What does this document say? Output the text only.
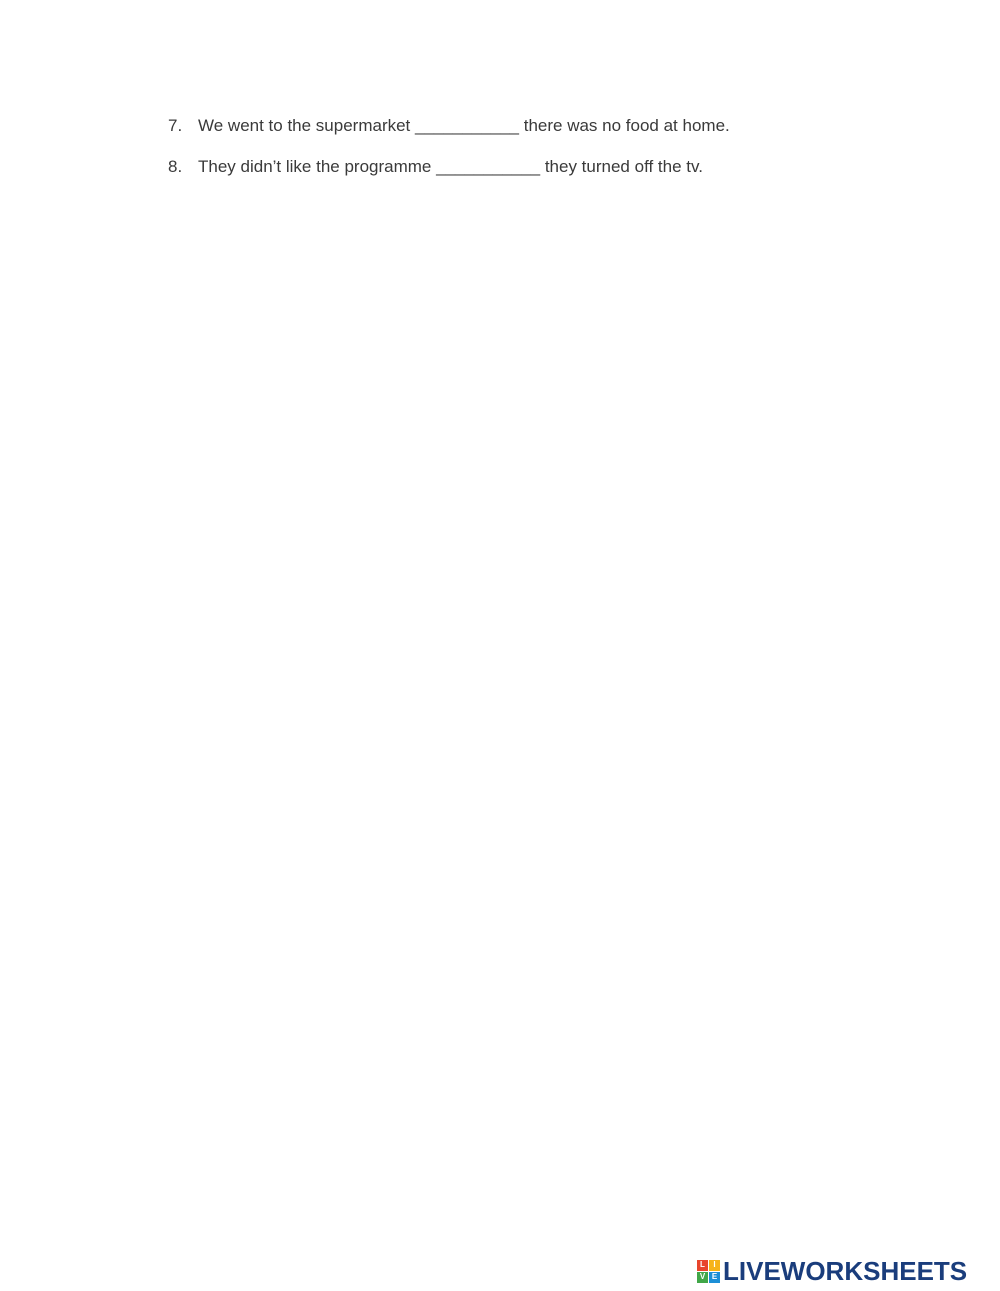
7. We went to the supermarket ___________ there was no food at home.
8. They didn’t like the programme ___________ they turned off the tv.
L	I
V E LIVEWORKSHEETS
